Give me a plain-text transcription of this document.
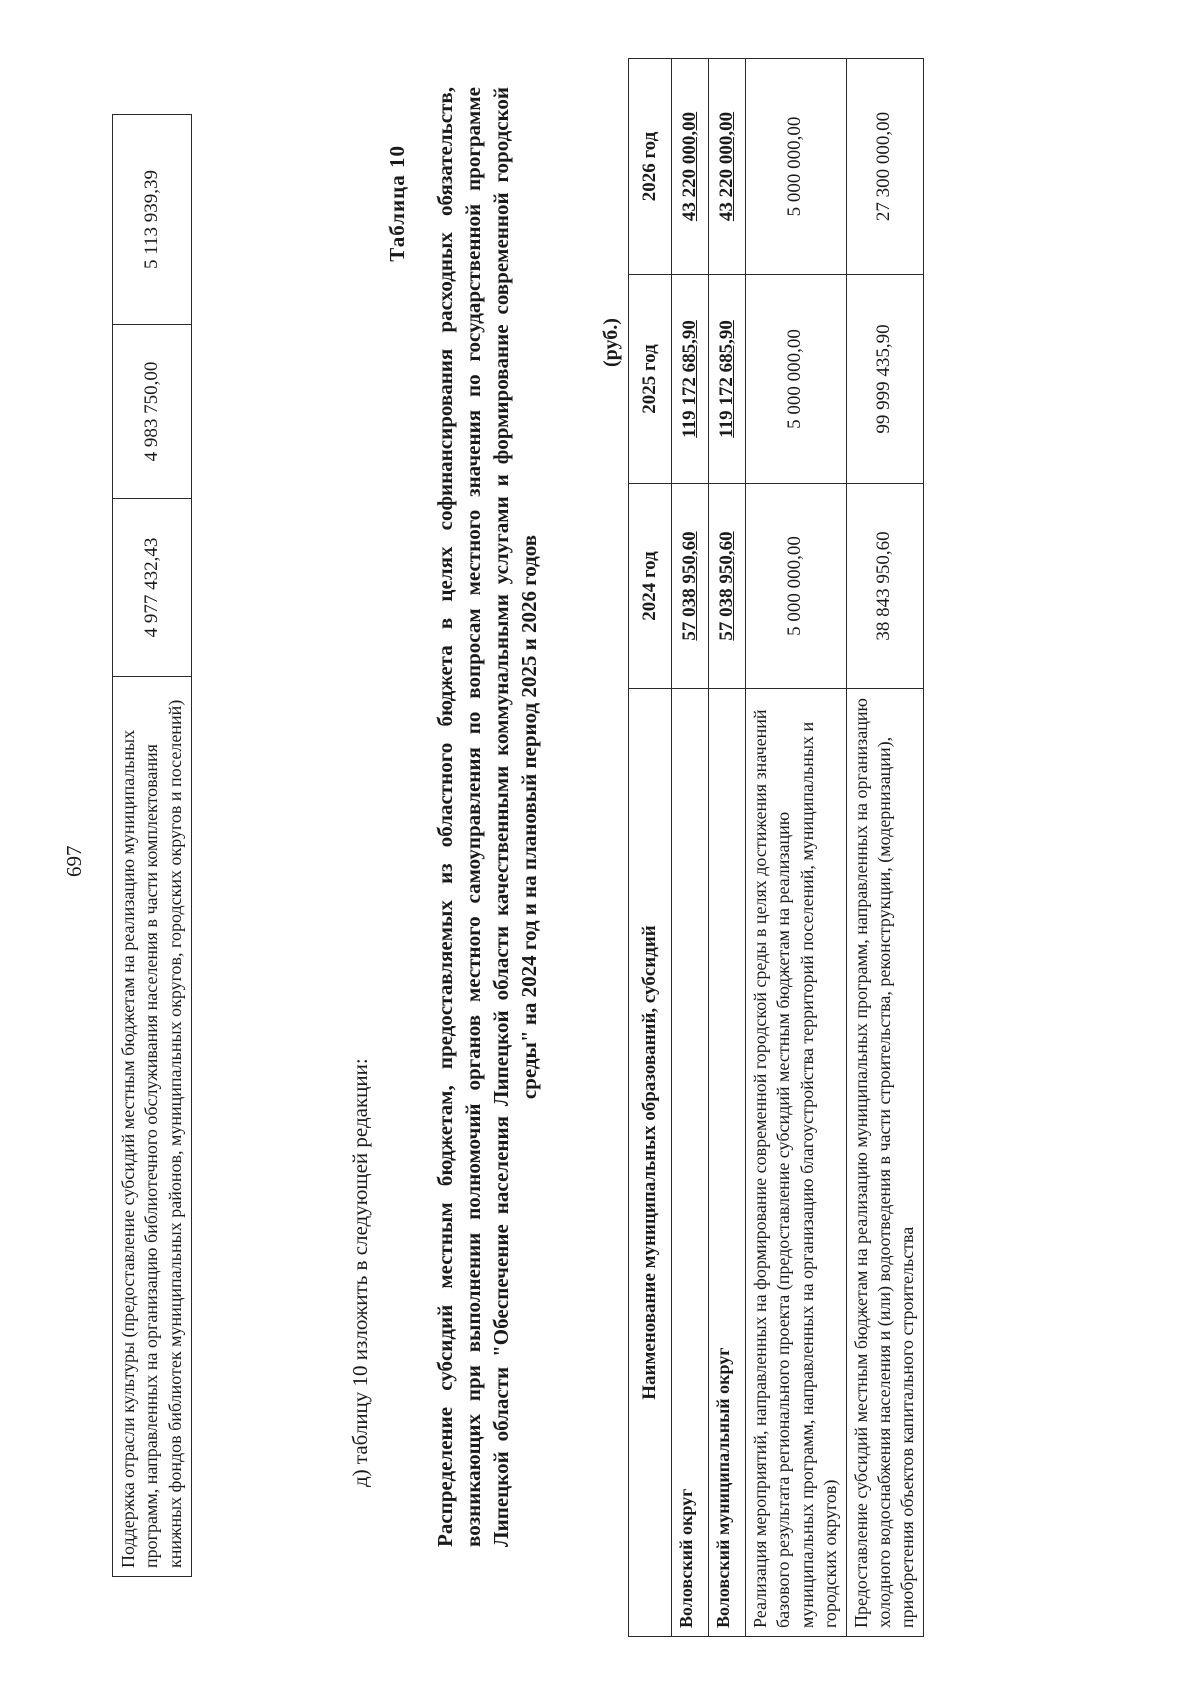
697 Поддержка отрасли культуры (предоставление субсидий местным бюджетам на реализацию муниципальных программ, направленных на организацию библиотечного обслуживания населения в части комплектования книжных фондов библиотек муниципальных районов, муниципальных округов, городских округов и поселений)	4 977 432,43	4 983 750,00	5 113 939,39
д) таблицу 10 изложить в следующей редакции:
Таблица 10 Распределение субсидий местным бюджетам, предоставляемых из областного бюджета в целях софинансирования расходных обязательств, возникающих при выполнении полномочий органов местного самоуправления по вопросам местного значения по государственной программе Липецкой области "Обеспечение населения Липецкой области качественными коммунальными услугами и формирование современной городской среды" на 2024 год и на плановый период 2025 и 2026 годов
(руб.)
Наименование муниципальных образований, субсидий	2024 год	2025 год	2026 год
Воловский округ	57 038 950,60	119 172 685,90	43 220 000,00
Воловский муниципальный округ	57 038 950,60	119 172 685,90	43 220 000,00
Реализация мероприятий, направленных на формирование современной городской среды в целях достижения значений базового результата регионального проекта (предоставление субсидий местным бюджетам на реализацию муниципальных программ, направленных на организацию благоустройства территорий поселений, муниципальных и городских округов)	5 000 000,00	5 000 000,00	5 000 000,00
Предоставление субсидий местным бюджетам на реализацию муниципальных программ, направленных на организацию холодного водоснабжения населения и (или) водоотведения в части строительства, реконструкции, (модернизации), приобретения объектов капитального строительства	38 843 950,60	99 999 435,90	27 300 000,00
